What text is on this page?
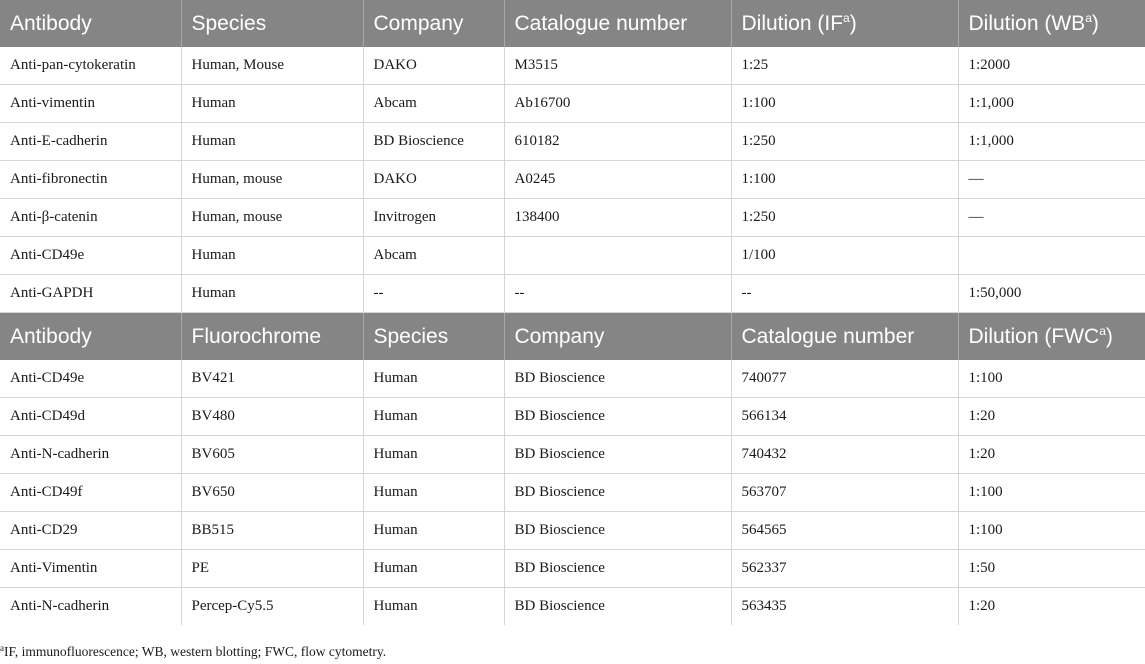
Antibody	Species	Company	Catalogue number	Dilution $(IF^a)$	Dilution $(WB^a)$
Anti-pan-cytokeratin	Human, Mouse	DAKO	M3515	1:25	1:2000
Anti-vimentin	Human	Abcam	Ab16700	1:100	1:1,000
Anti-E-cadherin	Human	BD Bioscience	610182	1:250	1:1,000
Anti-fibronectin	Human, mouse	DAKO	A0245	1:100	—
Anti-β-catenin	Human, mouse	Invitrogen	138400	1:250	—
Anti-CD49e	Human	Abcam		1/100	
Anti-GAPDH	Human	--	--	--	1:50,000
Antibody	Fluorochrome	Species	Company	Catalogue number	Dilution (FWC$^a$)
Anti-CD49e	BV421	Human	BD Bioscience	740077	1:100
Anti-CD49d	BV480	Human	BD Bioscience	566134	1:20
Anti-N-cadherin	BV605	Human	BD Bioscience	740432	1:20
Anti-CD49f	BV650	Human	BD Bioscience	563707	1:100
Anti-CD29	BB515	Human	BD Bioscience	564565	1:100
Anti-Vimentin	PE	Human	BD Bioscience	562337	1:50
Anti-N-cadherin	Percep-Cy5.5	Human	BD Bioscience	563435	1:20
$^a$IF, immunofluorescence; WB, western blotting; FWC, flow cytometry.
